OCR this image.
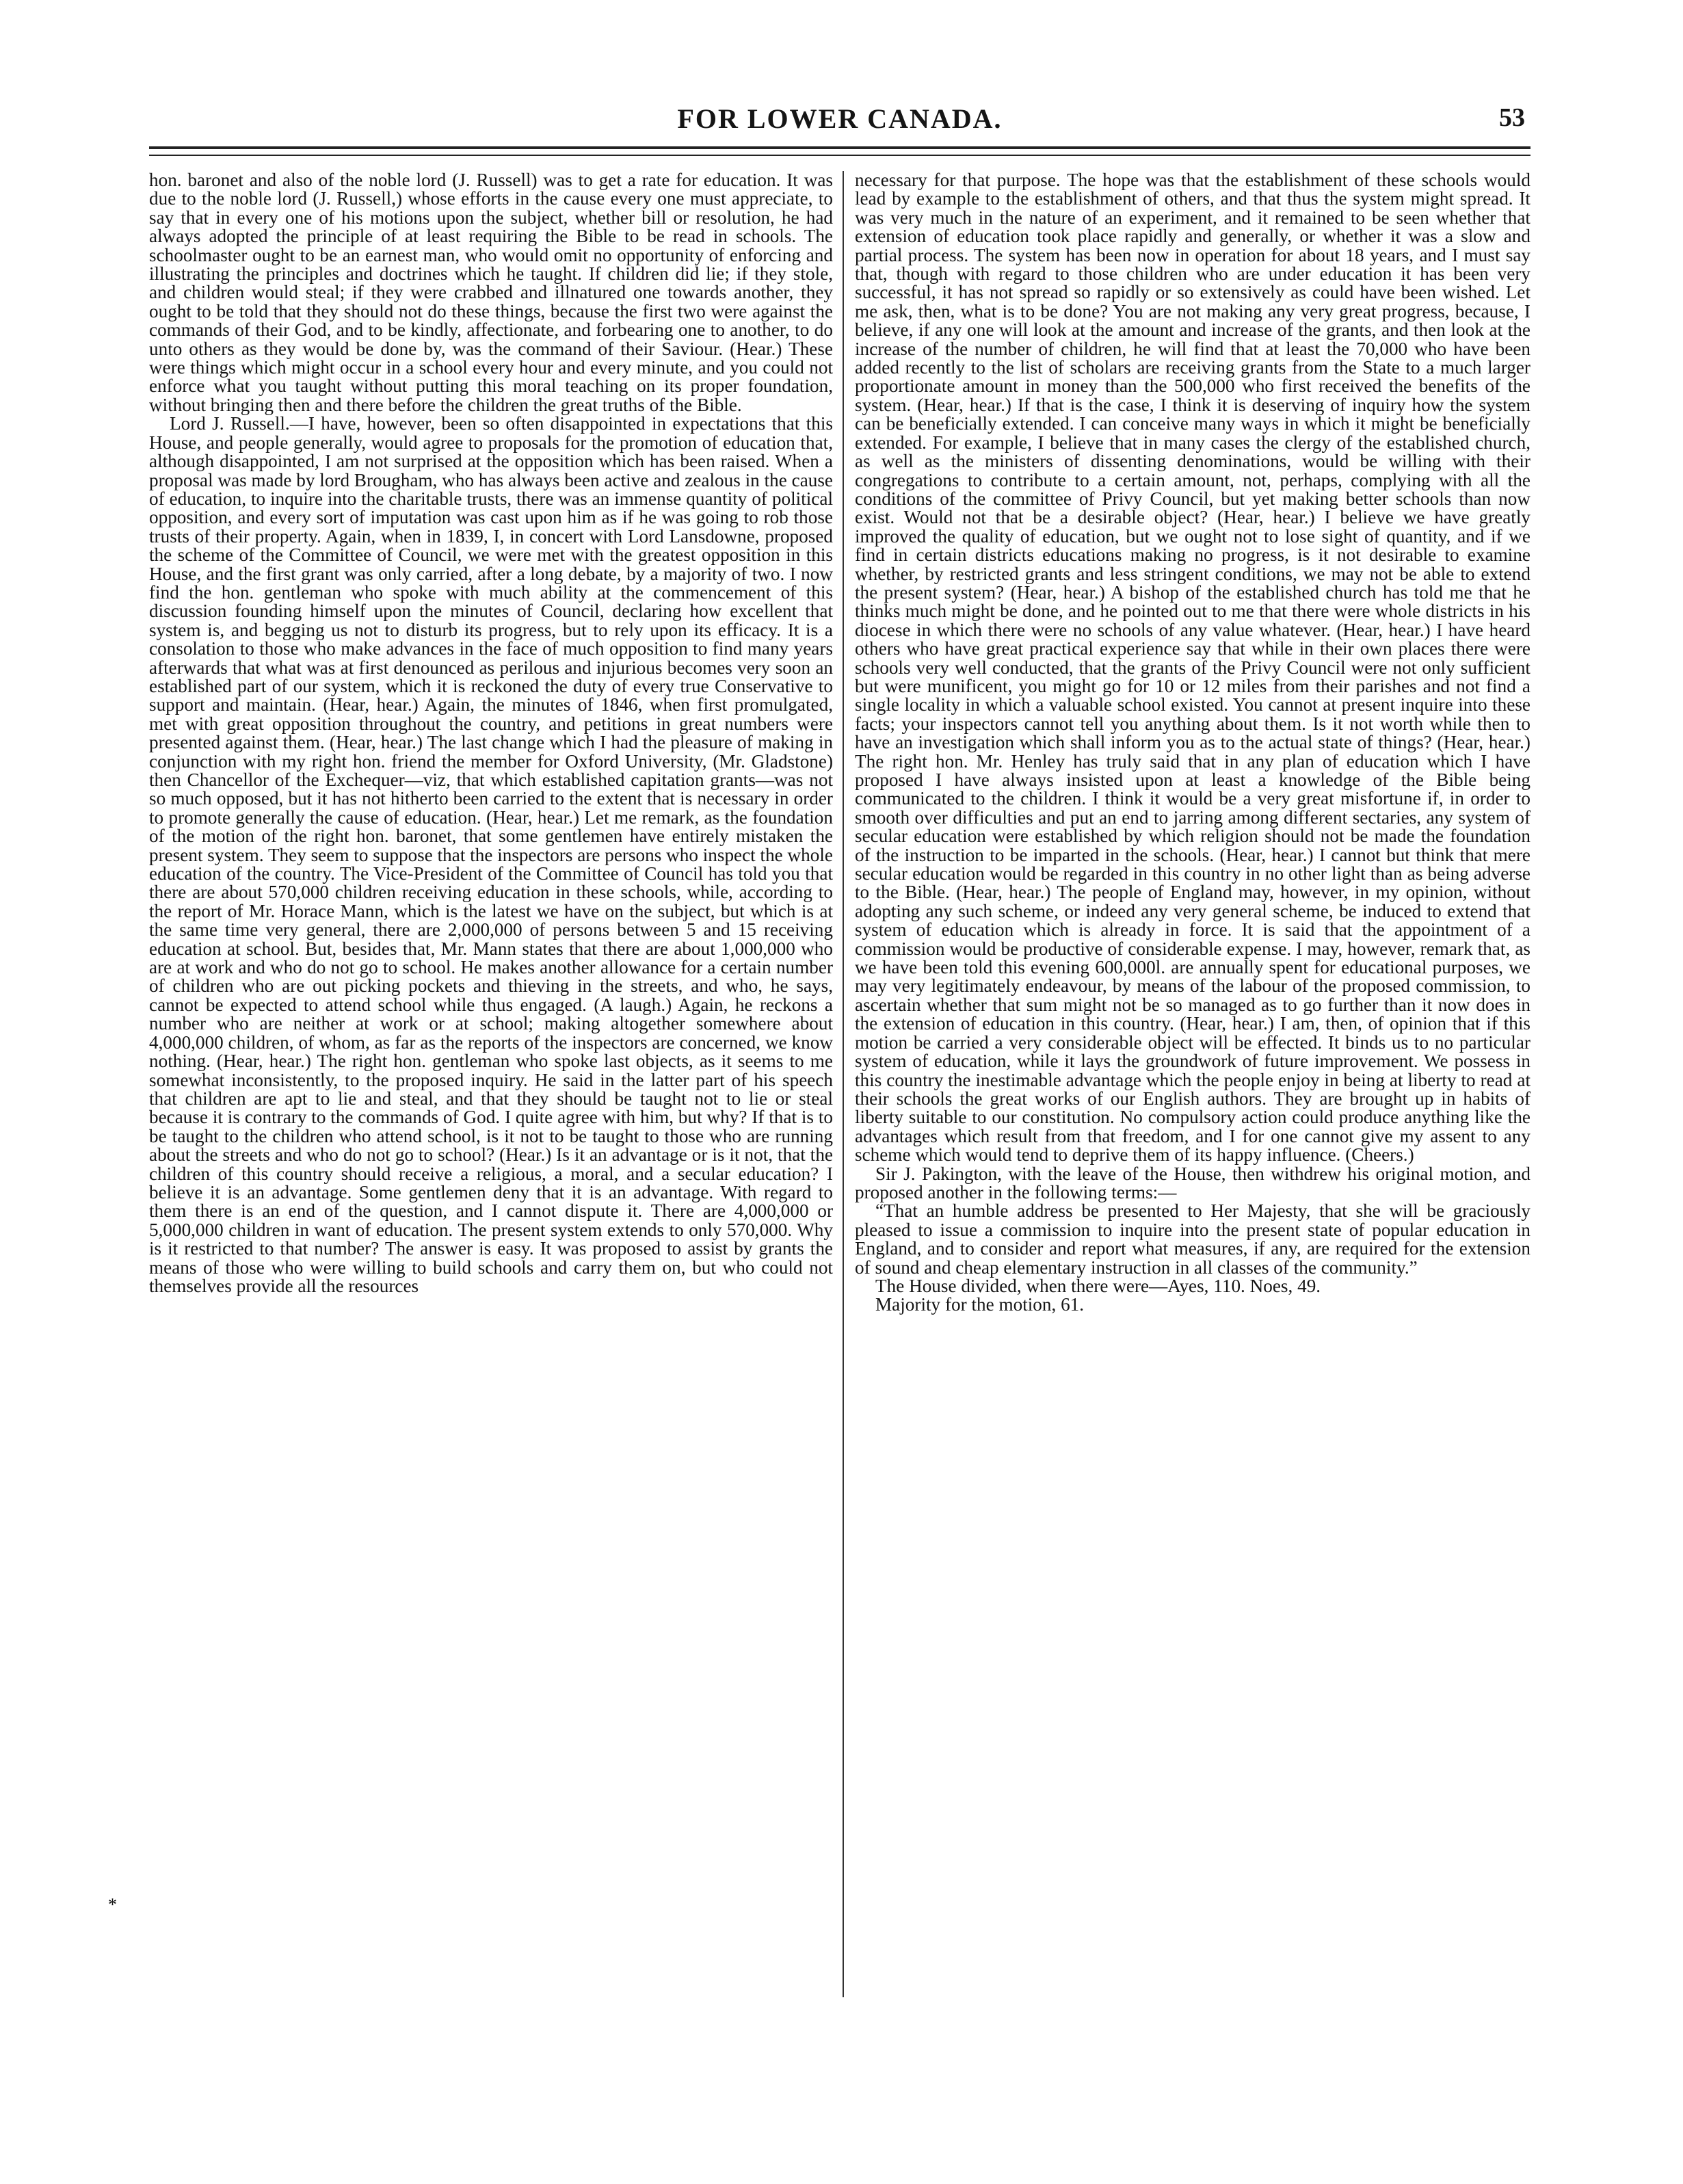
FOR LOWER CANADA.	53

hon. baronet and also of the noble lord (J. Russell) was to get a rate for education. It was due to the noble lord (J. Russell,) whose efforts in the cause every one must appreciate, to say that in every one of his motions upon the subject, whether bill or resolution, he had always adopted the principle of at least requiring the Bible to be read in schools. The schoolmaster ought to be an earnest man, who would omit no opportunity of enforcing and illustrating the principles and doctrines which he taught. If children did lie; if they stole, and children would steal; if they were crabbed and illnatured one towards another, they ought to be told that they should not do these things, because the first two were against the commands of their God, and to be kindly, affectionate, and forbearing one to another, to do unto others as they would be done by, was the command of their Saviour. (Hear.) These were things which might occur in a school every hour and every minute, and you could not enforce what you taught without putting this moral teaching on its proper foundation, without bringing then and there before the children the great truths of the Bible.

Lord J. Russell.—I have, however, been so often disappointed in expectations that this House, and people generally, would agree to proposals for the promotion of education that, although disappointed, I am not surprised at the opposition which has been raised. When a proposal was made by lord Brougham, who has always been active and zealous in the cause of education, to inquire into the charitable trusts, there was an immense quantity of political opposition, and every sort of imputation was cast upon him as if he was going to rob those trusts of their property. Again, when in 1839, I, in concert with Lord Lansdowne, proposed the scheme of the Committee of Council, we were met with the greatest opposition in this House, and the first grant was only carried, after a long debate, by a majority of two. I now find the hon. gentleman who spoke with much ability at the commencement of this discussion founding himself upon the minutes of Council, declaring how excellent that system is, and begging us not to disturb its progress, but to rely upon its efficacy. It is a consolation to those who make advances in the face of much opposition to find many years afterwards that what was at first denounced as perilous and injurious becomes very soon an established part of our system, which it is reckoned the duty of every true Conservative to support and maintain. (Hear, hear.) Again, the minutes of 1846, when first promulgated, met with great opposition throughout the country, and petitions in great numbers were presented against them. (Hear, hear.) The last change which I had the pleasure of making in conjunction with my right hon. friend the member for Oxford University, (Mr. Gladstone) then Chancellor of the Exchequer—viz, that which established capitation grants—was not so much opposed, but it has not hitherto been carried to the extent that is necessary in order to promote generally the cause of education. (Hear, hear.) Let me remark, as the foundation of the motion of the right hon. baronet, that some gentlemen have entirely mistaken the present system. They seem to suppose that the inspectors are persons who inspect the whole education of the country. The Vice-President of the Committee of Council has told you that there are about 570,000 children receiving education in these schools, while, according to the report of Mr. Horace Mann, which is the latest we have on the subject, but which is at the same time very general, there are 2,000,000 of persons between 5 and 15 receiving education at school. But, besides that, Mr. Mann states that there are about 1,000,000 who are at work and who do not go to school. He makes another allowance for a certain number of children who are out picking pockets and thieving in the streets, and who, he says, cannot be expected to attend school while thus engaged. (A laugh.) Again, he reckons a number who are neither at work or at school; making altogether somewhere about 4,000,000 children, of whom, as far as the reports of the inspectors are concerned, we know nothing. (Hear, hear.) The right hon. gentleman who spoke last objects, as it seems to me somewhat inconsistently, to the proposed inquiry. He said in the latter part of his speech that children are apt to lie and steal, and that they should be taught not to lie or steal because it is contrary to the commands of God. I quite agree with him, but why? If that is to be taught to the children who attend school, is it not to be taught to those who are running about the streets and who do not go to school? (Hear.) Is it an advantage or is it not, that the children of this country should receive a religious, a moral, and a secular education? I believe it is an advantage. Some gentlemen deny that it is an advantage. With regard to them there is an end of the question, and I cannot dispute it. There are 4,000,000 or 5,000,000 children in want of education. The present system extends to only 570,000. Why is it restricted to that number? The answer is easy. It was proposed to assist by grants the means of those who were willing to build schools and carry them on, but who could not themselves provide all the resources

necessary for that purpose. The hope was that the establishment of these schools would lead by example to the establishment of others, and that thus the system might spread. It was very much in the nature of an experiment, and it remained to be seen whether that extension of education took place rapidly and generally, or whether it was a slow and partial process. The system has been now in operation for about 18 years, and I must say that, though with regard to those children who are under education it has been very successful, it has not spread so rapidly or so extensively as could have been wished. Let me ask, then, what is to be done? You are not making any very great progress, because, I believe, if any one will look at the amount and increase of the grants, and then look at the increase of the number of children, he will find that at least the 70,000 who have been added recently to the list of scholars are receiving grants from the State to a much larger proportionate amount in money than the 500,000 who first received the benefits of the system. (Hear, hear.) If that is the case, I think it is deserving of inquiry how the system can be beneficially extended. I can conceive many ways in which it might be beneficially extended. For example, I believe that in many cases the clergy of the established church, as well as the ministers of dissenting denominations, would be willing with their congregations to contribute to a certain amount, not, perhaps, complying with all the conditions of the committee of Privy Council, but yet making better schools than now exist. Would not that be a desirable object? (Hear, hear.) I believe we have greatly improved the quality of education, but we ought not to lose sight of quantity, and if we find in certain districts educations making no progress, is it not desirable to examine whether, by restricted grants and less stringent conditions, we may not be able to extend the present system? (Hear, hear.) A bishop of the established church has told me that he thinks much might be done, and he pointed out to me that there were whole districts in his diocese in which there were no schools of any value whatever. (Hear, hear.) I have heard others who have great practical experience say that while in their own places there were schools very well conducted, that the grants of the Privy Council were not only sufficient but were munificent, you might go for 10 or 12 miles from their parishes and not find a single locality in which a valuable school existed. You cannot at present inquire into these facts; your inspectors cannot tell you anything about them. Is it not worth while then to have an investigation which shall inform you as to the actual state of things? (Hear, hear.) The right hon. Mr. Henley has truly said that in any plan of education which I have proposed I have always insisted upon at least a knowledge of the Bible being communicated to the children. I think it would be a very great misfortune if, in order to smooth over difficulties and put an end to jarring among different sectaries, any system of secular education were established by which religion should not be made the foundation of the instruction to be imparted in the schools. (Hear, hear.) I cannot but think that mere secular education would be regarded in this country in no other light than as being adverse to the Bible. (Hear, hear.) The people of England may, however, in my opinion, without adopting any such scheme, or indeed any very general scheme, be induced to extend that system of education which is already in force. It is said that the appointment of a commission would be productive of considerable expense. I may, however, remark that, as we have been told this evening 600,000l. are annually spent for educational purposes, we may very legitimately endeavour, by means of the labour of the proposed commission, to ascertain whether that sum might not be so managed as to go further than it now does in the extension of education in this country. (Hear, hear.) I am, then, of opinion that if this motion be carried a very considerable object will be effected. It binds us to no particular system of education, while it lays the groundwork of future improvement. We possess in this country the inestimable advantage which the people enjoy in being at liberty to read at their schools the great works of our English authors. They are brought up in habits of liberty suitable to our constitution. No compulsory action could produce anything like the advantages which result from that freedom, and I for one cannot give my assent to any scheme which would tend to deprive them of its happy influence. (Cheers.)

Sir J. Pakington, with the leave of the House, then withdrew his original motion, and proposed another in the following terms:—

“That an humble address be presented to Her Majesty, that she will be graciously pleased to issue a commission to inquire into the present state of popular education in England, and to consider and report what measures, if any, are required for the extension of sound and cheap elementary instruction in all classes of the community.”

The House divided, when there were—Ayes, 110. Noes, 49.

Majority for the motion, 61.

*
